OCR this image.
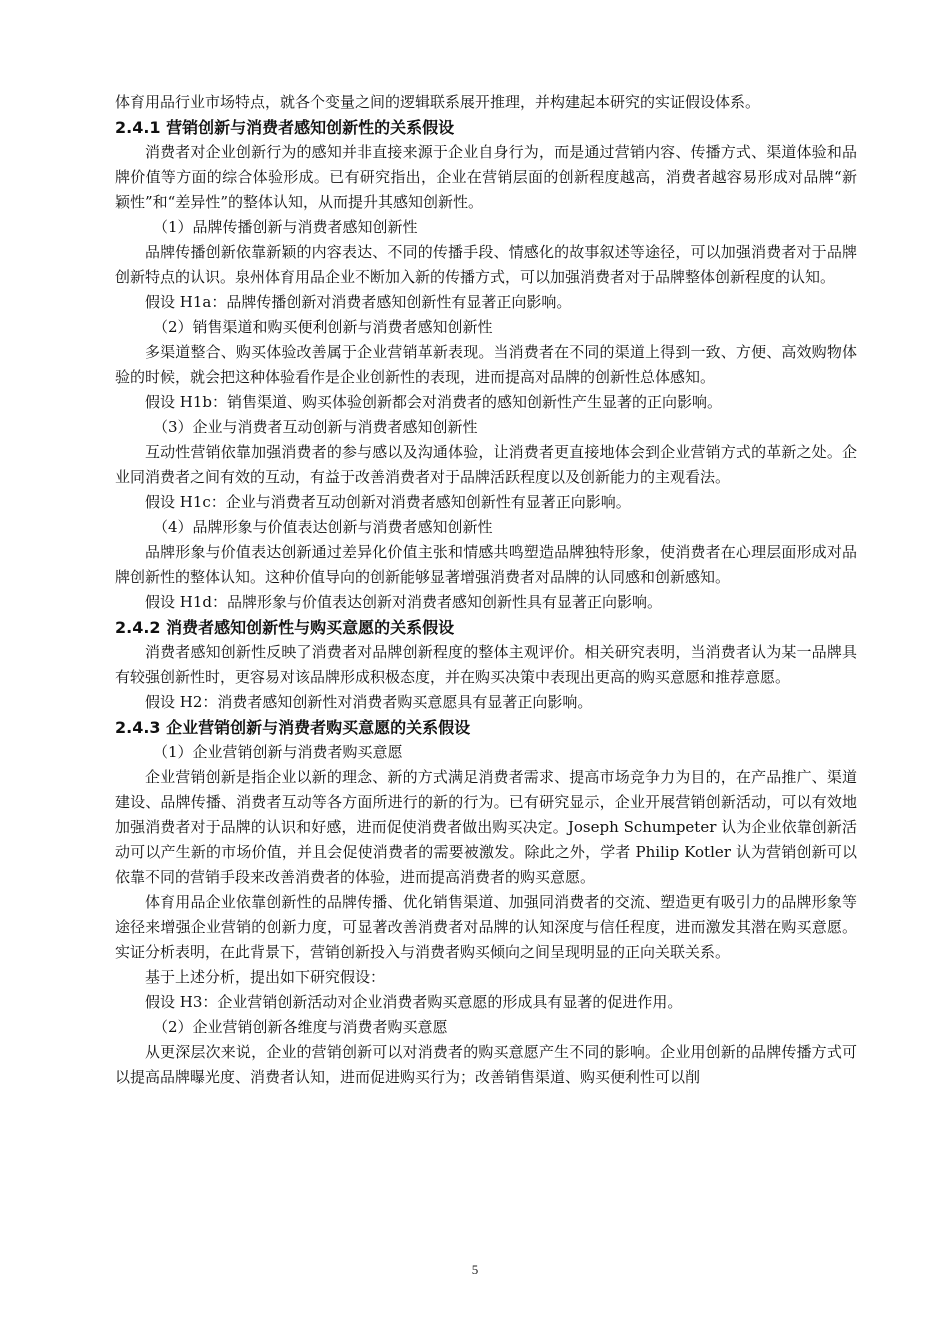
体育用品行业市场特点，就各个变量之间的逻辑联系展开推理，并构建起本研究的实证假设体系。

2.4.1 营销创新与消费者感知创新性的关系假设

消费者对企业创新行为的感知并非直接来源于企业自身行为，而是通过营销内容、传播方式、渠道体验和品牌价值等方面的综合体验形成。已有研究指出，企业在营销层面的创新程度越高，消费者越容易形成对品牌“新颖性”和“差异性”的整体认知，从而提升其感知创新性。

（1）品牌传播创新与消费者感知创新性

品牌传播创新依靠新颖的内容表达、不同的传播手段、情感化的故事叙述等途径，可以加强消费者对于品牌创新特点的认识。泉州体育用品企业不断加入新的传播方式，可以加强消费者对于品牌整体创新程度的认知。

假设 H1a：品牌传播创新对消费者感知创新性有显著正向影响。

（2）销售渠道和购买便利创新与消费者感知创新性

多渠道整合、购买体验改善属于企业营销革新表现。当消费者在不同的渠道上得到一致、方便、高效购物体验的时候，就会把这种体验看作是企业创新性的表现，进而提高对品牌的创新性总体感知。

假设 H1b：销售渠道、购买体验创新都会对消费者的感知创新性产生显著的正向影响。

（3）企业与消费者互动创新与消费者感知创新性

互动性营销依靠加强消费者的参与感以及沟通体验，让消费者更直接地体会到企业营销方式的革新之处。企业同消费者之间有效的互动，有益于改善消费者对于品牌活跃程度以及创新能力的主观看法。

假设 H1c：企业与消费者互动创新对消费者感知创新性有显著正向影响。

（4）品牌形象与价值表达创新与消费者感知创新性

品牌形象与价值表达创新通过差异化价值主张和情感共鸣塑造品牌独特形象，使消费者在心理层面形成对品牌创新性的整体认知。这种价值导向的创新能够显著增强消费者对品牌的认同感和创新感知。

假设 H1d：品牌形象与价值表达创新对消费者感知创新性具有显著正向影响。

2.4.2 消费者感知创新性与购买意愿的关系假设

消费者感知创新性反映了消费者对品牌创新程度的整体主观评价。相关研究表明，当消费者认为某一品牌具有较强创新性时，更容易对该品牌形成积极态度，并在购买决策中表现出更高的购买意愿和推荐意愿。

假设 H2：消费者感知创新性对消费者购买意愿具有显著正向影响。

2.4.3 企业营销创新与消费者购买意愿的关系假设

（1）企业营销创新与消费者购买意愿

企业营销创新是指企业以新的理念、新的方式满足消费者需求、提高市场竞争力为目的，在产品推广、渠道建设、品牌传播、消费者互动等各方面所进行的新的行为。已有研究显示，企业开展营销创新活动，可以有效地加强消费者对于品牌的认识和好感，进而促使消费者做出购买决定。Joseph Schumpeter 认为企业依靠创新活动可以产生新的市场价值，并且会促使消费者的需要被激发。除此之外，学者 Philip Kotler 认为营销创新可以依靠不同的营销手段来改善消费者的体验，进而提高消费者的购买意愿。

体育用品企业依靠创新性的品牌传播、优化销售渠道、加强同消费者的交流、塑造更有吸引力的品牌形象等途径来增强企业营销的创新力度，可显著改善消费者对品牌的认知深度与信任程度，进而激发其潜在购买意愿。实证分析表明，在此背景下，营销创新投入与消费者购买倾向之间呈现明显的正向关联关系。

基于上述分析，提出如下研究假设：

假设 H3：企业营销创新活动对企业消费者购买意愿的形成具有显著的促进作用。

（2）企业营销创新各维度与消费者购买意愿

从更深层次来说，企业的营销创新可以对消费者的购买意愿产生不同的影响。企业用创新的品牌传播方式可以提高品牌曝光度、消费者认知，进而促进购买行为；改善销售渠道、购买便利性可以削

5
